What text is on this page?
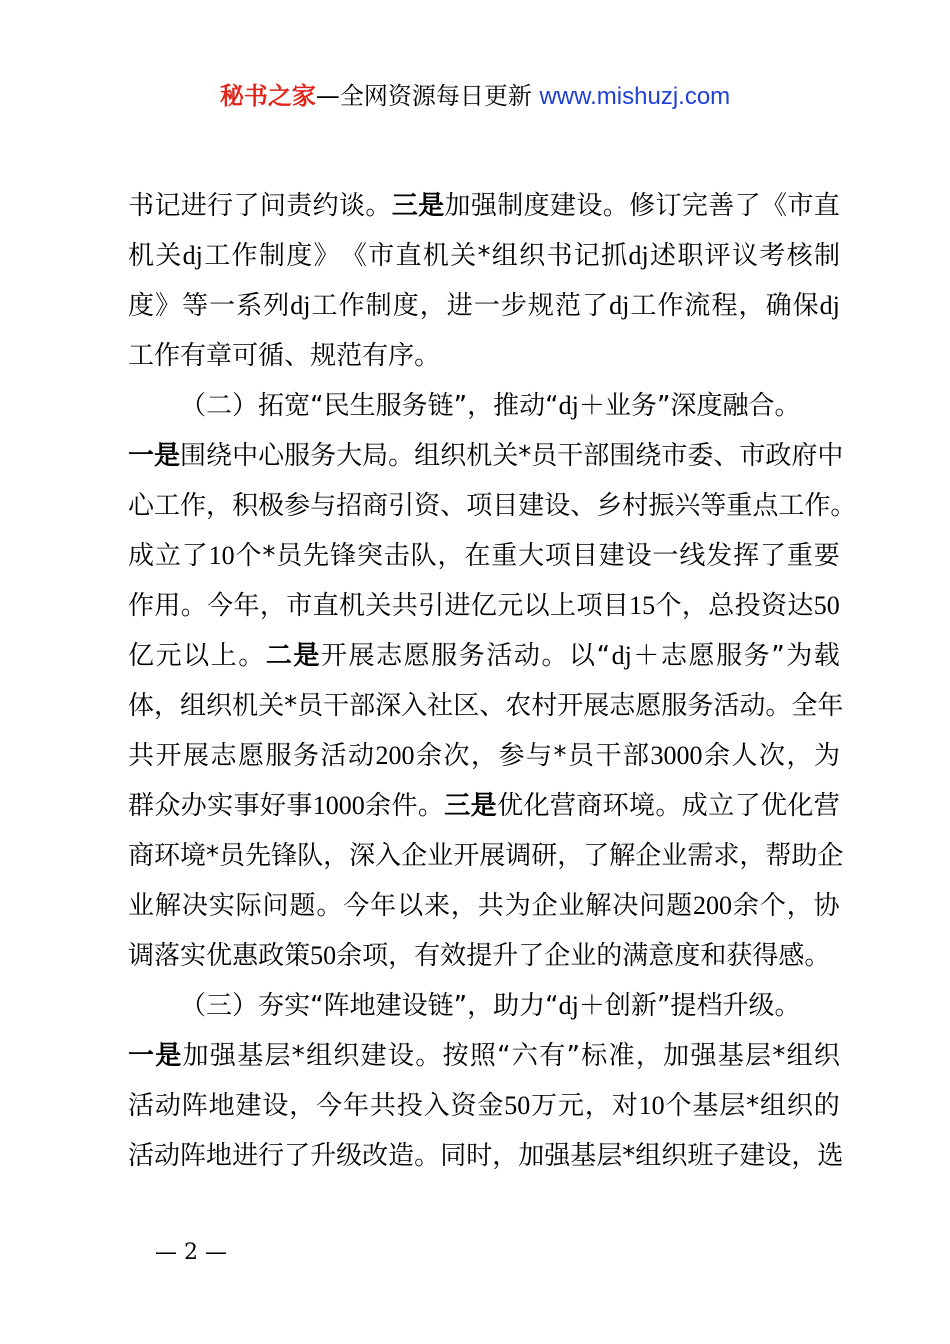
秘书之家—全网资源每日更新 www.mishuzj.com
书 记 进 行 了 问 责 约 谈 。 三 是 加 强 制 度 建 设 。 修 订 完 善 了 《 市 直
机 关 dj 工 作 制 度 》 《 市 直 机 关 * 组 织 书 记 抓 dj 述 职 评 议 考 核 制
度 》 等 一 系 列 dj 工 作 制 度 ， 进 一 步 规 范 了 dj 工 作 流 程 ， 确 保 dj
工 作 有 章 可 循 、 规 范 有 序 。
（ 二 ） 拓 宽 “ 民 生 服 务 链 ” ， 推 动 “ dj ＋ 业 务 ” 深 度 融 合 。
一 是 围 绕 中 心 服 务 大 局 。 组 织 机 关 * 员 干 部 围 绕 市 委 、 市 政 府 中
心 工 作 ， 积 极 参 与 招 商 引 资 、 项 目 建 设 、 乡 村 振 兴 等 重 点 工 作 。
成 立 了 10 个 * 员 先 锋 突 击 队 ， 在 重 大 项 目 建 设 一 线 发 挥 了 重 要
作 用 。 今 年 ， 市 直 机 关 共 引 进 亿 元 以 上 项 目 15 个 ， 总 投 资 达 50
亿 元 以 上 。 二 是 开 展 志 愿 服 务 活 动 。 以 “ dj ＋ 志 愿 服 务 ” 为 载
体 ， 组 织 机 关 * 员 干 部 深 入 社 区 、 农 村 开 展 志 愿 服 务 活 动 。 全 年
共 开 展 志 愿 服 务 活 动 200 余 次 ， 参 与 * 员 干 部 3000 余 人 次 ， 为
群 众 办 实 事 好 事 1000 余 件 。 三 是 优 化 营 商 环 境 。 成 立 了 优 化 营
商 环 境 * 员 先 锋 队 ， 深 入 企 业 开 展 调 研 ， 了 解 企 业 需 求 ， 帮 助 企
业 解 决 实 际 问 题 。 今 年 以 来 ， 共 为 企 业 解 决 问 题 200 余 个 ， 协
调 落 实 优 惠 政 策 50 余 项 ， 有 效 提 升 了 企 业 的 满 意 度 和 获 得 感 。
（ 三 ） 夯 实 “ 阵 地 建 设 链 ” ， 助 力 “ dj ＋ 创 新 ” 提 档 升 级 。
一 是 加 强 基 层 * 组 织 建 设 。 按 照 “ 六 有 ” 标 准 ， 加 强 基 层 * 组 织
活 动 阵 地 建 设 ， 今 年 共 投 入 资 金 50 万 元 ， 对 10 个 基 层 * 组 织 的
活 动 阵 地 进 行 了 升 级 改 造 。 同 时 ， 加 强 基 层 * 组 织 班 子 建 设 ， 选
— 2 —
